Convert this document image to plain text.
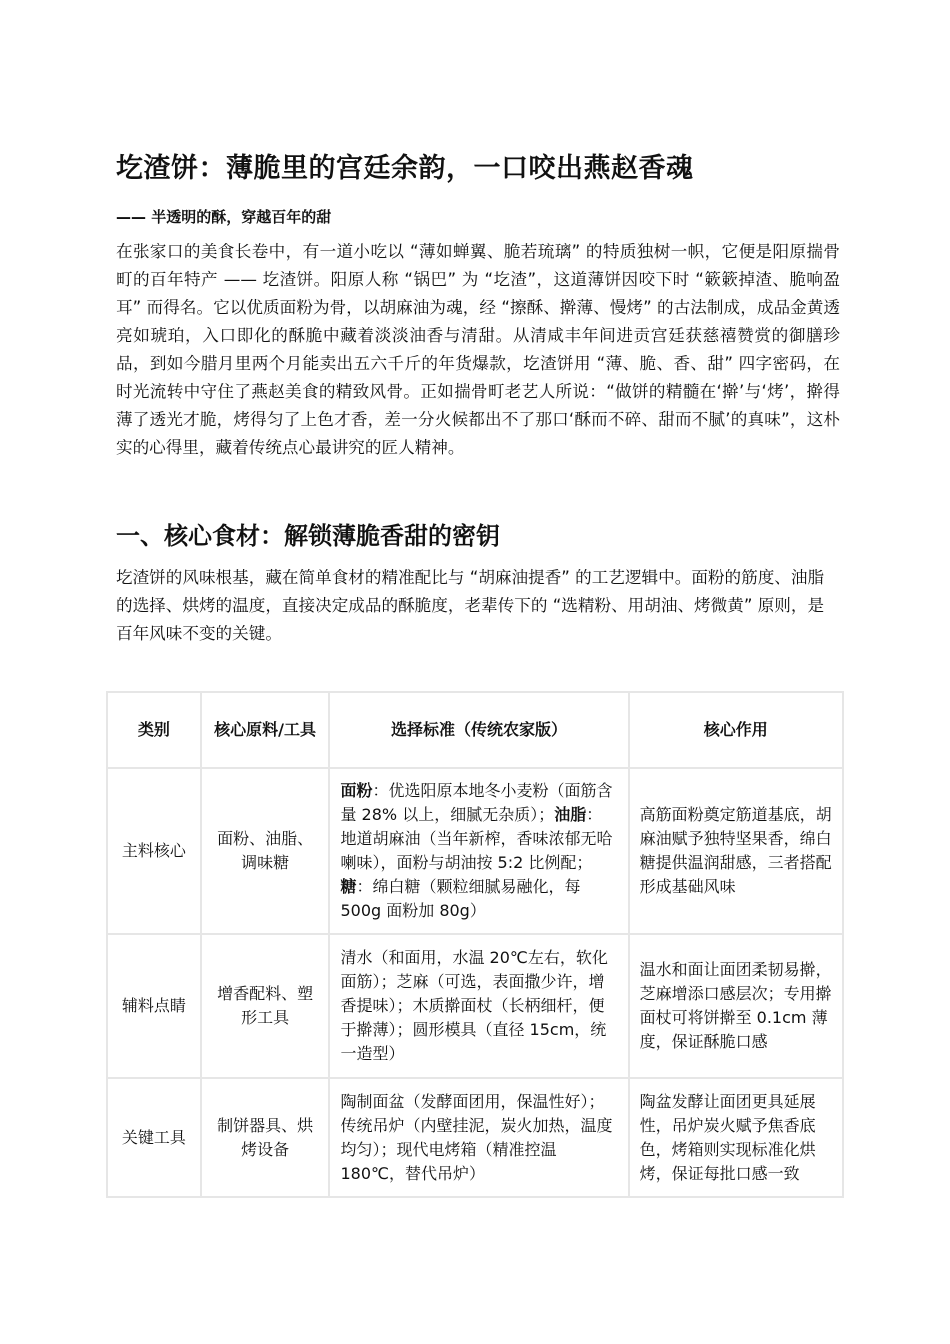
圪渣饼：薄脆里的宫廷余韵，一口咬出燕赵香魂

—— 半透明的酥，穿越百年的甜

在张家口的美食长卷中，有一道小吃以 “薄如蝉翼、脆若琉璃” 的特质独树一帜，它便是阳原揣骨町的百年特产 —— 圪渣饼。阳原人称 “锅巴” 为 “圪渣”，这道薄饼因咬下时 “簌簌掉渣、脆响盈耳” 而得名。它以优质面粉为骨，以胡麻油为魂，经 “擦酥、擀薄、慢烤” 的古法制成，成品金黄透亮如琥珀，入口即化的酥脆中藏着淡淡油香与清甜。从清咸丰年间进贡宫廷获慈禧赞赏的御膳珍品，到如今腊月里两个月能卖出五六千斤的年货爆款，圪渣饼用 “薄、脆、香、甜” 四字密码，在时光流转中守住了燕赵美食的精致风骨。正如揣骨町老艺人所说：“做饼的精髓在‘擀’与‘烤’，擀得薄了透光才脆，烤得匀了上色才香，差一分火候都出不了那口‘酥而不碎、甜而不腻’的真味”，这朴实的心得里，藏着传统点心最讲究的匠人精神。

一、核心食材：解锁薄脆香甜的密钥

圪渣饼的风味根基，藏在简单食材的精准配比与 “胡麻油提香” 的工艺逻辑中。面粉的筋度、油脂的选择、烘烤的温度，直接决定成品的酥脆度，老辈传下的 “选精粉、用胡油、烤微黄” 原则，是百年风味不变的关键。

类别	核心原料/工具	选择标准（传统农家版）	核心作用
主料核心	面粉、油脂、调味糖	面粉：优选阳原本地冬小麦粉（面筋含量 28% 以上，细腻无杂质）；油脂：地道胡麻油（当年新榨，香味浓郁无哈喇味），面粉与胡油按 5:2 比例配；糖：绵白糖（颗粒细腻易融化，每 500g 面粉加 80g）	高筋面粉奠定筋道基底，胡麻油赋予独特坚果香，绵白糖提供温润甜感，三者搭配形成基础风味
辅料点睛	增香配料、塑形工具	清水（和面用，水温 20℃左右，软化面筋）；芝麻（可选，表面撒少许，增香提味）；木质擀面杖（长柄细杆，便于擀薄）；圆形模具（直径 15cm，统一造型）	温水和面让面团柔韧易擀，芝麻增添口感层次；专用擀面杖可将饼擀至 0.1cm 薄度，保证酥脆口感
关键工具	制饼器具、烘烤设备	陶制面盆（发酵面团用，保温性好）；传统吊炉（内壁挂泥，炭火加热，温度均匀）；现代电烤箱（精准控温 180℃，替代吊炉）	陶盆发酵让面团更具延展性，吊炉炭火赋予焦香底色，烤箱则实现标准化烘烤，保证每批口感一致
